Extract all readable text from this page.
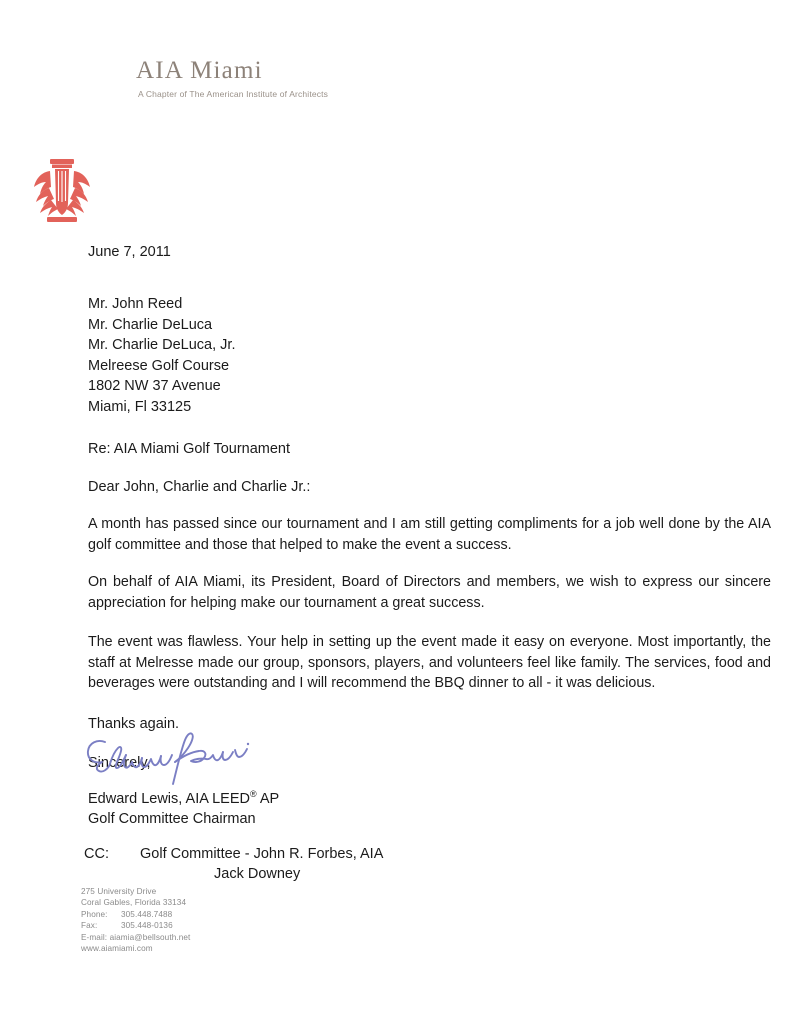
AIA Miami
A Chapter of The American Institute of Architects
June 7, 2011
Mr. John Reed
Mr. Charlie DeLuca
Mr. Charlie DeLuca, Jr.
Melreese Golf Course
1802 NW 37 Avenue
Miami, Fl 33125
Re: AIA Miami Golf Tournament
Dear John, Charlie and Charlie Jr.:
A month has passed since our tournament and I am still getting compliments for a job well done by the AIA golf committee and those that helped to make the event a success.
On behalf of AIA Miami, its President, Board of Directors and members, we wish to express our sincere appreciation for helping make our tournament a great success.
The event was flawless. Your help in setting up the event made it easy on everyone. Most importantly, the staff at Melresse made our group, sponsors, players, and volunteers feel like family. The services, food and beverages were outstanding and I will recommend the BBQ dinner to all - it was delicious.
Thanks again.
Sincerely,
Edward Lewis, AIA LEED® AP
Golf Committee Chairman
CC:	Golf Committee - John R. Forbes, AIA
Jack Downey
275 University Drive
Coral Gables, Florida 33134
Phone:	305.448.7488
Fax:	305.448-0136
E-mail:
aiamia@bellsouth.net
www.aiamiami.com
